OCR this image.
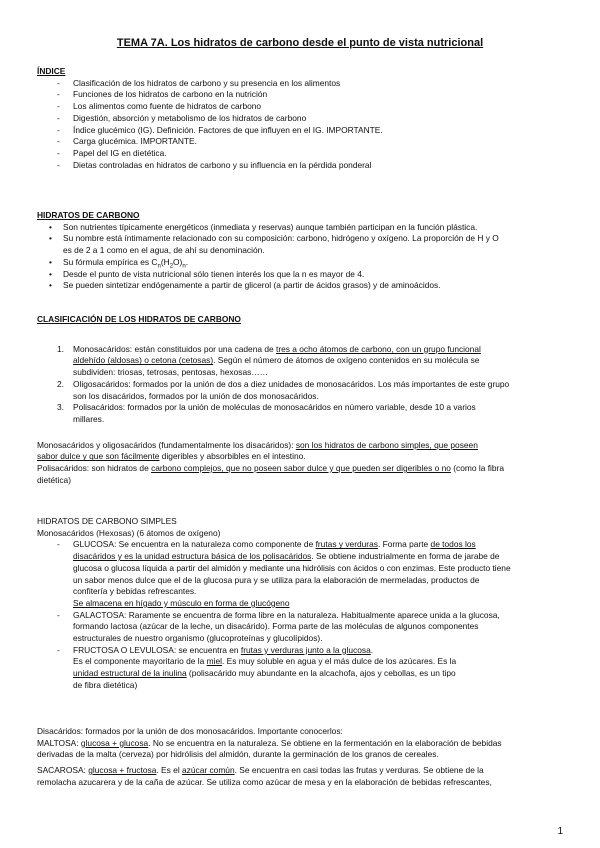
TEMA 7A. Los hidratos de carbono desde el punto de vista nutricional
ÍNDICE
-	Clasificación de los hidratos de carbono y su presencia en los alimentos
-	Funciones de los hidratos de carbono en la nutrición
-	Los alimentos como fuente de hidratos de carbono
-	Digestión, absorción y metabolismo de los hidratos de carbono
-	Índice glucémico (IG). Definición. Factores de que influyen en el IG. IMPORTANTE.
-	Carga glucémica. IMPORTANTE.
-	Papel del IG en dietética.
-	Dietas controladas en hidratos de carbono y su influencia en la pérdida ponderal
HIDRATOS DE CARBONO
•	Son nutrientes típicamente energéticos (inmediata y reservas) aunque también participan en la función plástica.
•	Su nombre está íntimamente relacionado con su composición: carbono, hidrógeno y oxígeno. La proporción de H y O
es de 2 a 1 como en el agua, de ahí su denominación.
•	Su fórmula empírica es $C_n(H_2O)_n$.
•	Desde el punto de vista nutricional sólo tienen interés los que la n es mayor de 4.
•	Se pueden sintetizar endógenamente a partir de glicerol (a partir de ácidos grasos) y de aminoácidos.
CLASIFICACIÓN DE LOS HIDRATOS DE CARBONO
1.	Monosacáridos: están constituidos por una cadena de tres a ocho átomos de carbono, con un grupo funcional
aldehído (aldosas) o cetona (cetosas). Según el número de átomos de oxígeno contenidos en su molécula se
subdividen: triosas, tetrosas, pentosas, hexosas……
2.	Oligosacáridos: formados por la unión de dos a diez unidades de monosacáridos. Los más importantes de este grupo
son los disacáridos, formados por la unión de dos monosacáridos.
3.	Polisacáridos: formados por la unión de moléculas de monosacáridos en número variable, desde 10 a varios
millares.
Monosacáridos y oligosacáridos (fundamentalmente los disacáridos): son los hidratos de carbono simples, que poseen
sabor dulce y que son fácilmente digeribles y absorbibles en el intestino.
Polisacáridos: son hidratos de carbono complejos, que no poseen sabor dulce y que pueden ser digeribles o no (como la fibra
dietética)
HIDRATOS DE CARBONO SIMPLES
Monosacáridos (Hexosas) (6 átomos de oxígeno)
-	GLUCOSA: Se encuentra en la naturaleza como componente de frutas y verduras. Forma parte de todos los
disacáridos y es la unidad estructura básica de los polisacáridos. Se obtiene industrialmente en forma de jarabe de
glucosa o glucosa líquida a partir del almidón y mediante una hidrólisis con ácidos o con enzimas. Este producto tiene
un sabor menos dulce que el de la glucosa pura y se utiliza para la elaboración de mermeladas, productos de
confitería y bebidas refrescantes.
Se almacena en hígado y músculo en forma de glucógeno
-	GALACTOSA: Raramente se encuentra de forma libre en la naturaleza. Habitualmente aparece unida a la glucosa,
formando lactosa (azúcar de la leche, un disacárido). Forma parte de las moléculas de algunos componentes
estructurales de nuestro organismo (glucoproteínas y glucolípidos).
-	FRUCTOSA O LEVULOSA: se encuentra en frutas y verduras junto a la glucosa.
Es el componente mayoritario de la miel. Es muy soluble en agua y el más dulce de los azúcares. Es la
unidad estructural de la inulina (polisacárido muy abundante en la alcachofa, ajos y cebollas, es un tipo
de fibra dietética)
Disacáridos: formados por la unión de dos monosacáridos. Importante conocerlos:
MALTOSA: glucosa + glucosa. No se encuentra en la naturaleza. Se obtiene en la fermentación en la elaboración de bebidas
derivadas de la malta (cerveza) por hidrólisis del almidón, durante la germinación de los granos de cereales.
SACAROSA: glucosa + fructosa. Es el azúcar común. Se encuentra en casi todas las frutas y verduras. Se obtiene de la
remolacha azucarera y de la caña de azúcar. Se utiliza como azúcar de mesa y en la elaboración de bebidas refrescantes,
1
